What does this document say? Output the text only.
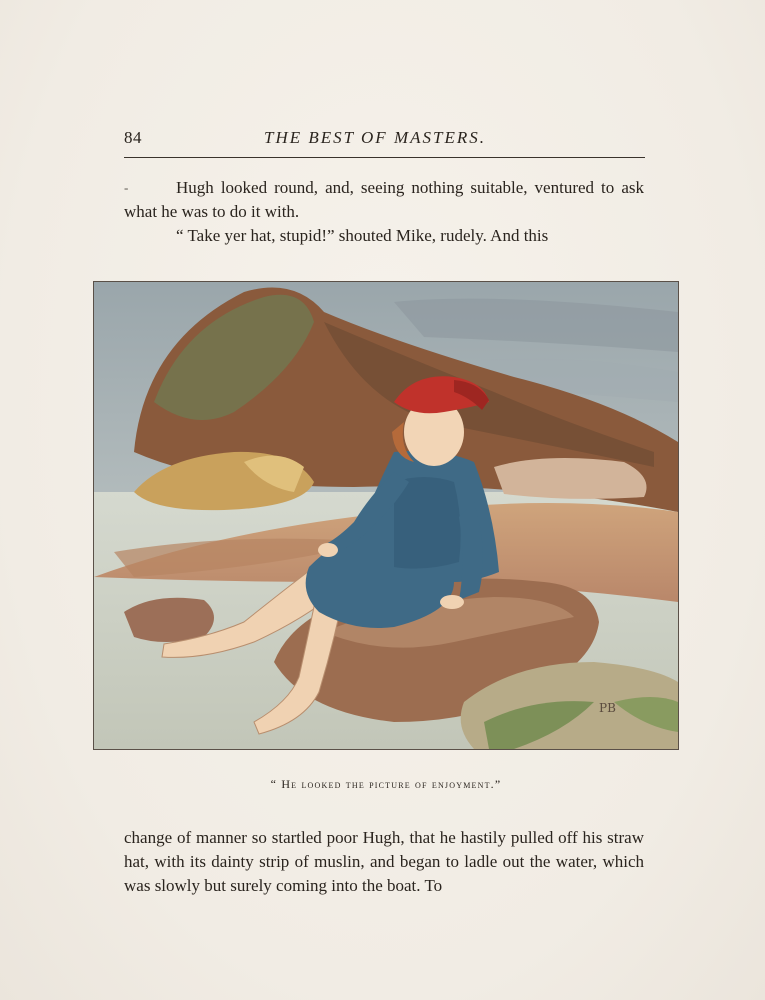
84	THE BEST OF MASTERS.
-	Hugh looked round, and, seeing nothing suitable, ventured to ask what he was to do it with.

“ Take yer hat, stupid!” shouted Mike, rudely. And this

PB
“ He looked the picture of enjoyment.”

change of manner so startled poor Hugh, that he hastily pulled off his straw hat, with its dainty strip of muslin, and began to ladle out the water, which was slowly but surely coming into the boat. To
